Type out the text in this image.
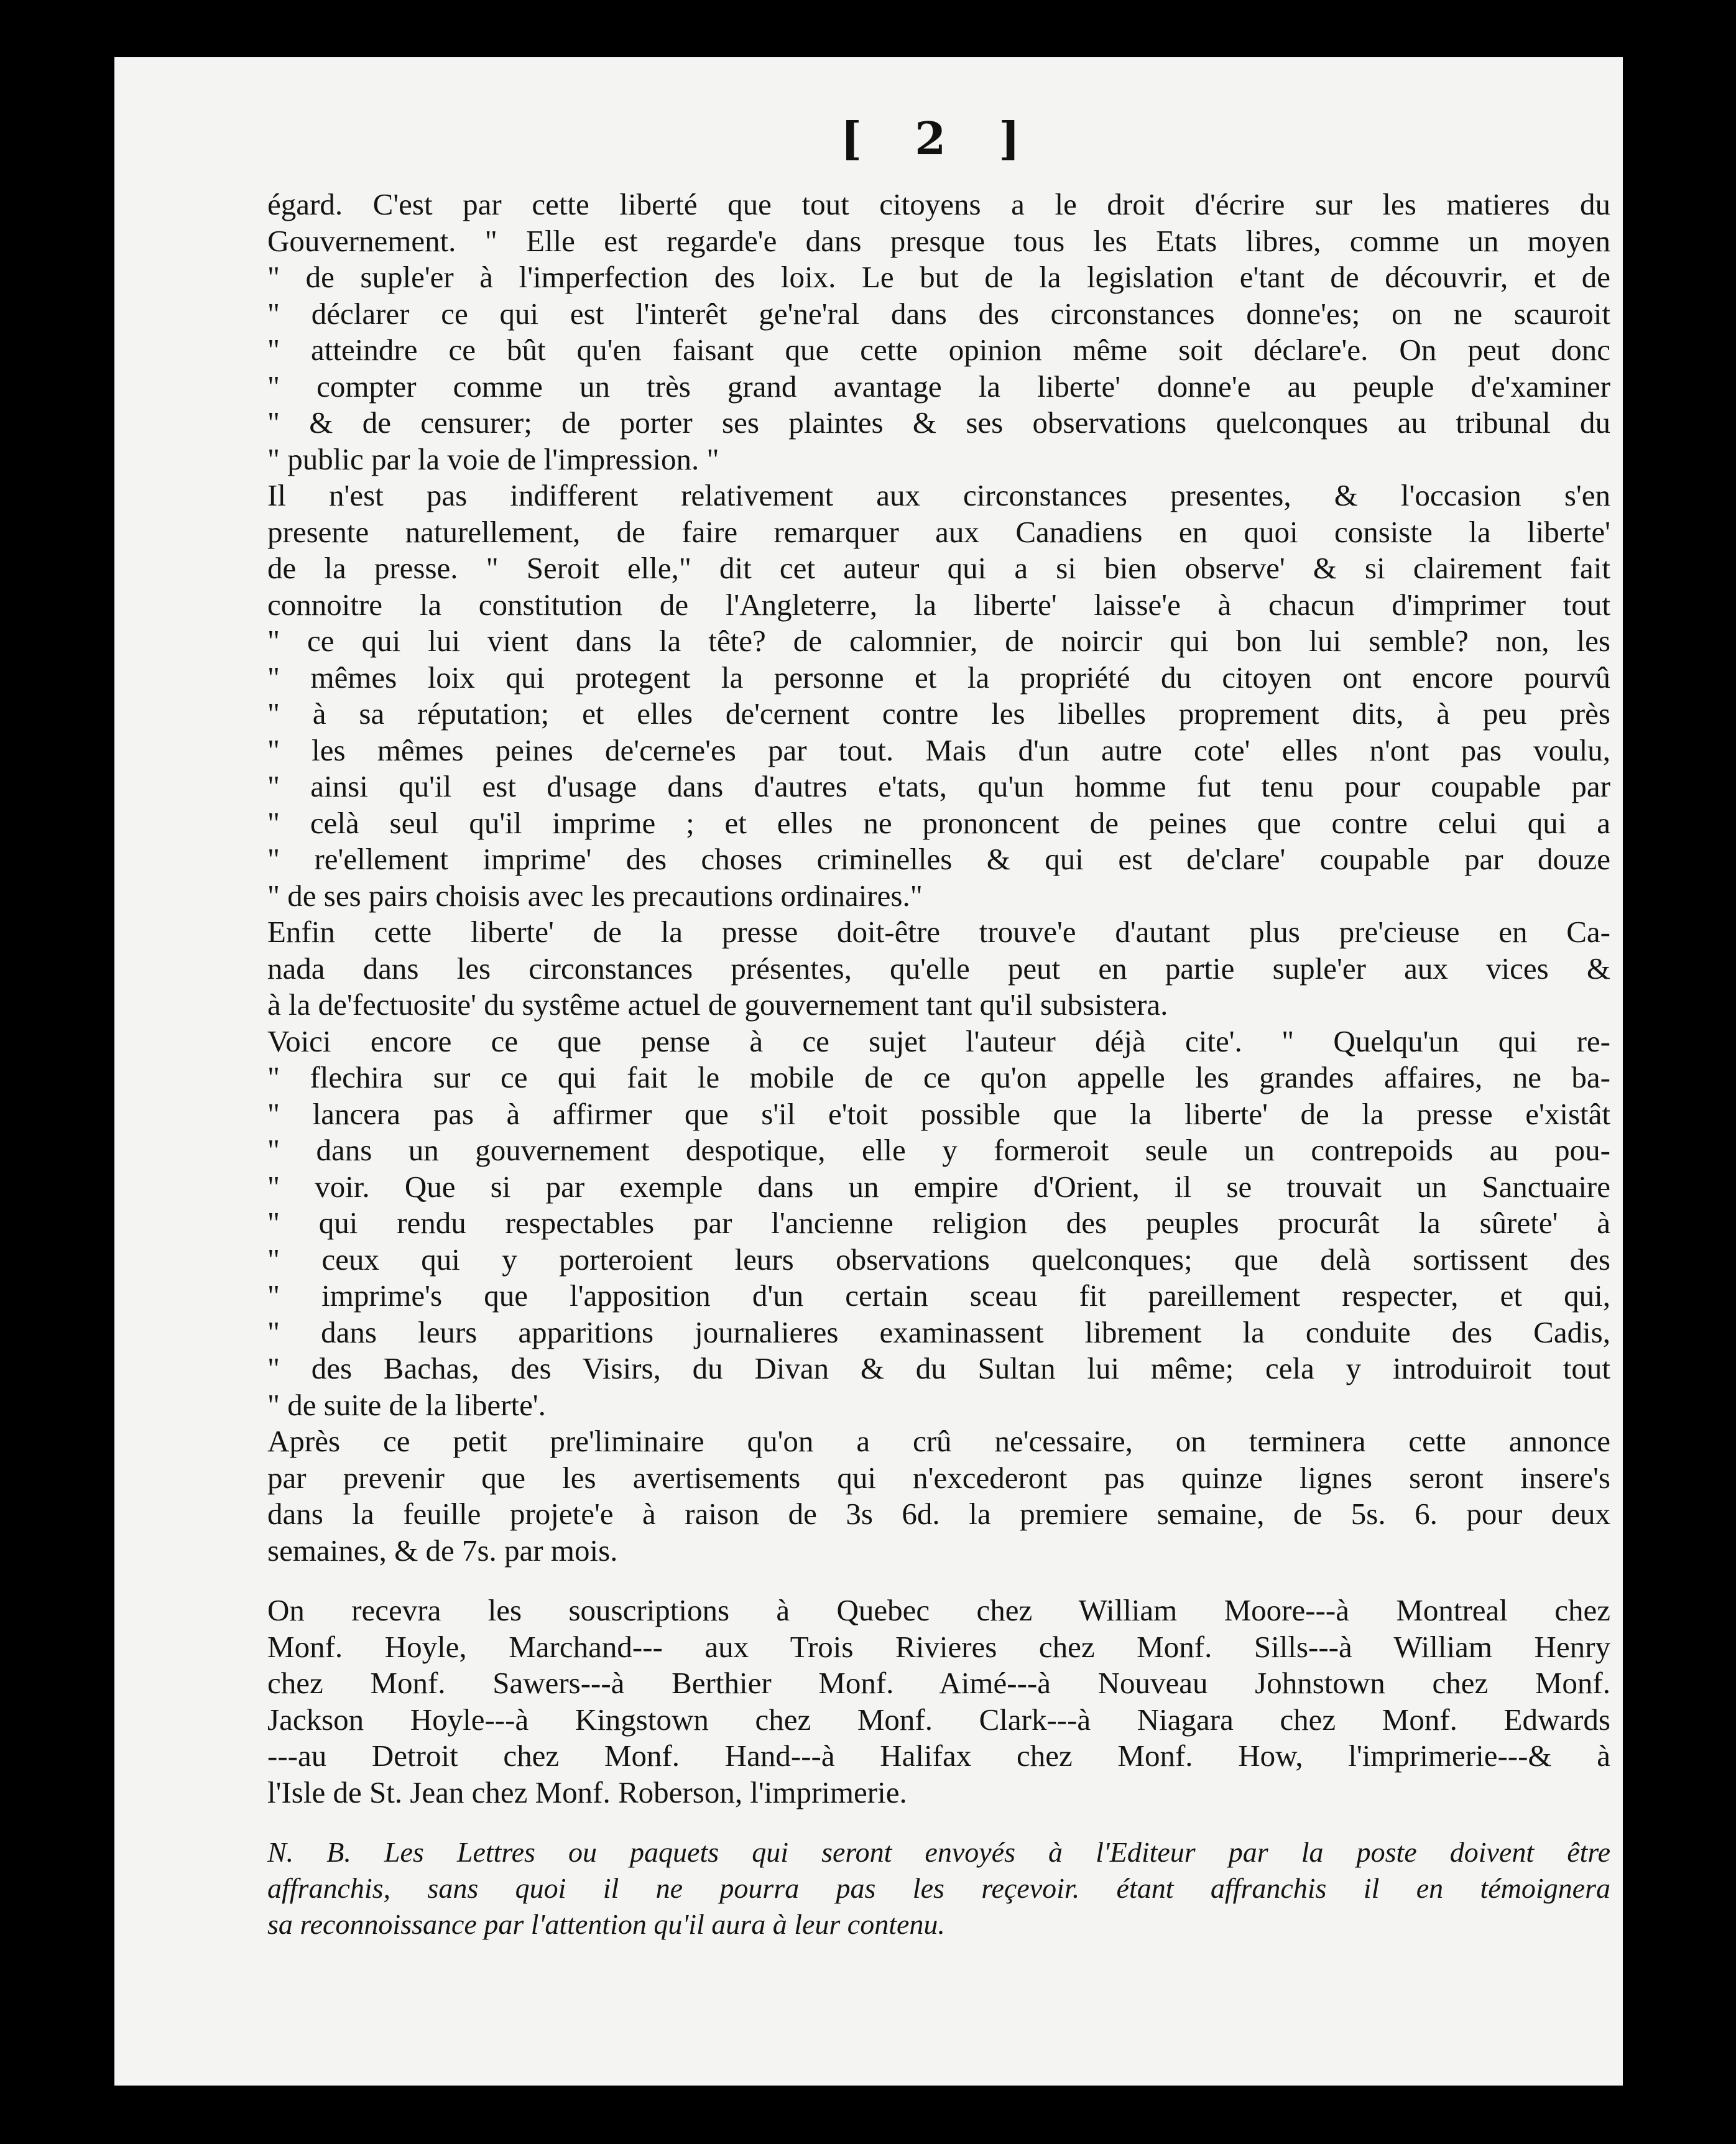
[ 2 ]

égard. C'est par cette liberté que tout citoyens a le droit d'écrire sur les matieres du
Gouvernement. " Elle est regarde'e dans presque tous les Etats libres, comme un moyen
" de suple'er à l'imperfection des loix. Le but de la legislation e'tant de découvrir, et de
" déclarer ce qui est l'interêt ge'ne'ral dans des circonstances donne'es; on ne scauroit
" atteindre ce bût qu'en faisant que cette opinion même soit déclare'e. On peut donc
" compter comme un très grand avantage la liberte' donne'e au peuple d'e'xaminer
" & de censurer; de porter ses plaintes & ses observations quelconques au tribunal du
" public par la voie de l'impression. "

Il n'est pas indifferent relativement aux circonstances presentes, & l'occasion s'en
presente naturellement, de faire remarquer aux Canadiens en quoi consiste la liberte'
de la presse. " Seroit elle," dit cet auteur qui a si bien observe' & si clairement fait
connoitre la constitution de l'Angleterre, la liberte' laisse'e à chacun d'imprimer tout
" ce qui lui vient dans la tête? de calomnier, de noircir qui bon lui semble? non, les
" mêmes loix qui protegent la personne et la propriété du citoyen ont encore pourvû
" à sa réputation; et elles de'cernent contre les libelles proprement dits, à peu près
" les mêmes peines de'cerne'es par tout. Mais d'un autre cote' elles n'ont pas voulu,
" ainsi qu'il est d'usage dans d'autres e'tats, qu'un homme fut tenu pour coupable par
" celà seul qu'il imprime ; et elles ne prononcent de peines que contre celui qui a
" re'ellement imprime' des choses criminelles & qui est de'clare' coupable par douze
" de ses pairs choisis avec les precautions ordinaires."

Enfin cette liberte' de la presse doit-être trouve'e d'autant plus pre'cieuse en Ca-
nada dans les circonstances présentes, qu'elle peut en partie suple'er aux vices &
à la de'fectuosite' du systême actuel de gouvernement tant qu'il subsistera.

Voici encore ce que pense à ce sujet l'auteur déjà cite'. " Quelqu'un qui re-
" flechira sur ce qui fait le mobile de ce qu'on appelle les grandes affaires, ne ba-
" lancera pas à affirmer que s'il e'toit possible que la liberte' de la presse e'xistât
" dans un gouvernement despotique, elle y formeroit seule un contrepoids au pou-
" voir. Que si par exemple dans un empire d'Orient, il se trouvait un Sanctuaire
" qui rendu respectables par l'ancienne religion des peuples procurât la sûrete' à
" ceux qui y porteroient leurs observations quelconques; que delà sortissent des
" imprime's que l'apposition d'un certain sceau fit pareillement respecter, et qui,
" dans leurs apparitions journalieres examinassent librement la conduite des Cadis,
" des Bachas, des Visirs, du Divan & du Sultan lui même; cela y introduiroit tout
" de suite de la liberte'.

Après ce petit pre'liminaire qu'on a crû ne'cessaire, on terminera cette annonce
par prevenir que les avertisements qui n'excederont pas quinze lignes seront insere's
dans la feuille projete'e à raison de 3s 6d. la premiere semaine, de 5s. 6. pour deux
semaines, & de 7s. par mois.

On recevra les souscriptions à Quebec chez William Moore---à Montreal chez
Monf. Hoyle, Marchand--- aux Trois Rivieres chez Monf. Sills---à William Henry
chez Monf. Sawers---à Berthier Monf. Aimé---à Nouveau Johnstown chez Monf.
Jackson Hoyle---à Kingstown chez Monf. Clark---à Niagara chez Monf. Edwards
---au Detroit chez Monf. Hand---à Halifax chez Monf. How, l'imprimerie---& à
l'Isle de St. Jean chez Monf. Roberson, l'imprimerie.

N. B. Les Lettres ou paquets qui seront envoyés à l'Editeur par la poste doivent être
affranchis, sans quoi il ne pourra pas les reçevoir. étant affranchis il en témoignera
sa reconnoissance par l'attention qu'il aura à leur contenu.
